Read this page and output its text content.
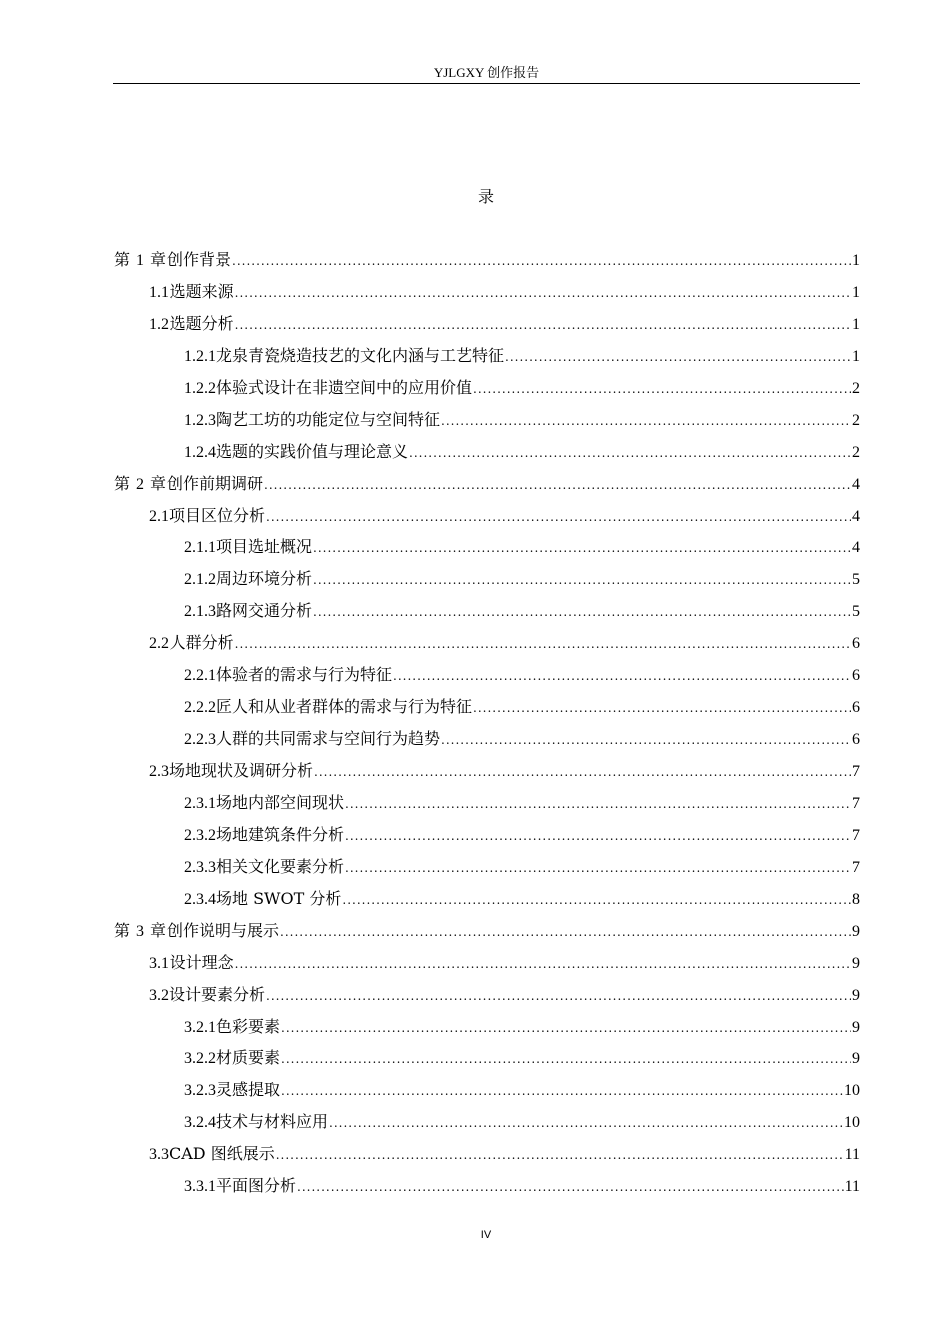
YJLGXY 创作报告
录
第 1 章 创作背景 .....	1
1.1 选题来源 .....	1
1.2 选题分析 .....	1
1.2.1 龙泉青瓷烧造技艺的文化内涵与工艺特征 .....	1
1.2.2 体验式设计在非遗空间中的应用价值 .....	2
1.2.3 陶艺工坊的功能定位与空间特征 .....	2
1.2.4 选题的实践价值与理论意义 .....	2
第 2 章 创作前期调研 .....	4
2.1 项目区位分析 .....	4
2.1.1 项目选址概况 .....	4
2.1.2 周边环境分析 .....	5
2.1.3 路网交通分析 .....	5
2.2 人群分析 .....	6
2.2.1 体验者的需求与行为特征 .....	6
2.2.2 匠人和从业者群体的需求与行为特征 .....	6
2.2.3 人群的共同需求与空间行为趋势 .....	6
2.3 场地现状及调研分析 .....	7
2.3.1 场地内部空间现状 .....	7
2.3.2 场地建筑条件分析 .....	7
2.3.3 相关文化要素分析 .....	7
2.3.4 场地 SWOT 分析 .....	8
第 3 章 创作说明与展示 .....	9
3.1 设计理念 .....	9
3.2 设计要素分析 .....	9
3.2.1 色彩要素 .....	9
3.2.2 材质要素 .....	9
3.2.3 灵感提取 .....	10
3.2.4 技术与材料应用 .....	10
3.3 CAD 图纸展示 .....	11
3.3.1 平面图分析 .....	11
IV
